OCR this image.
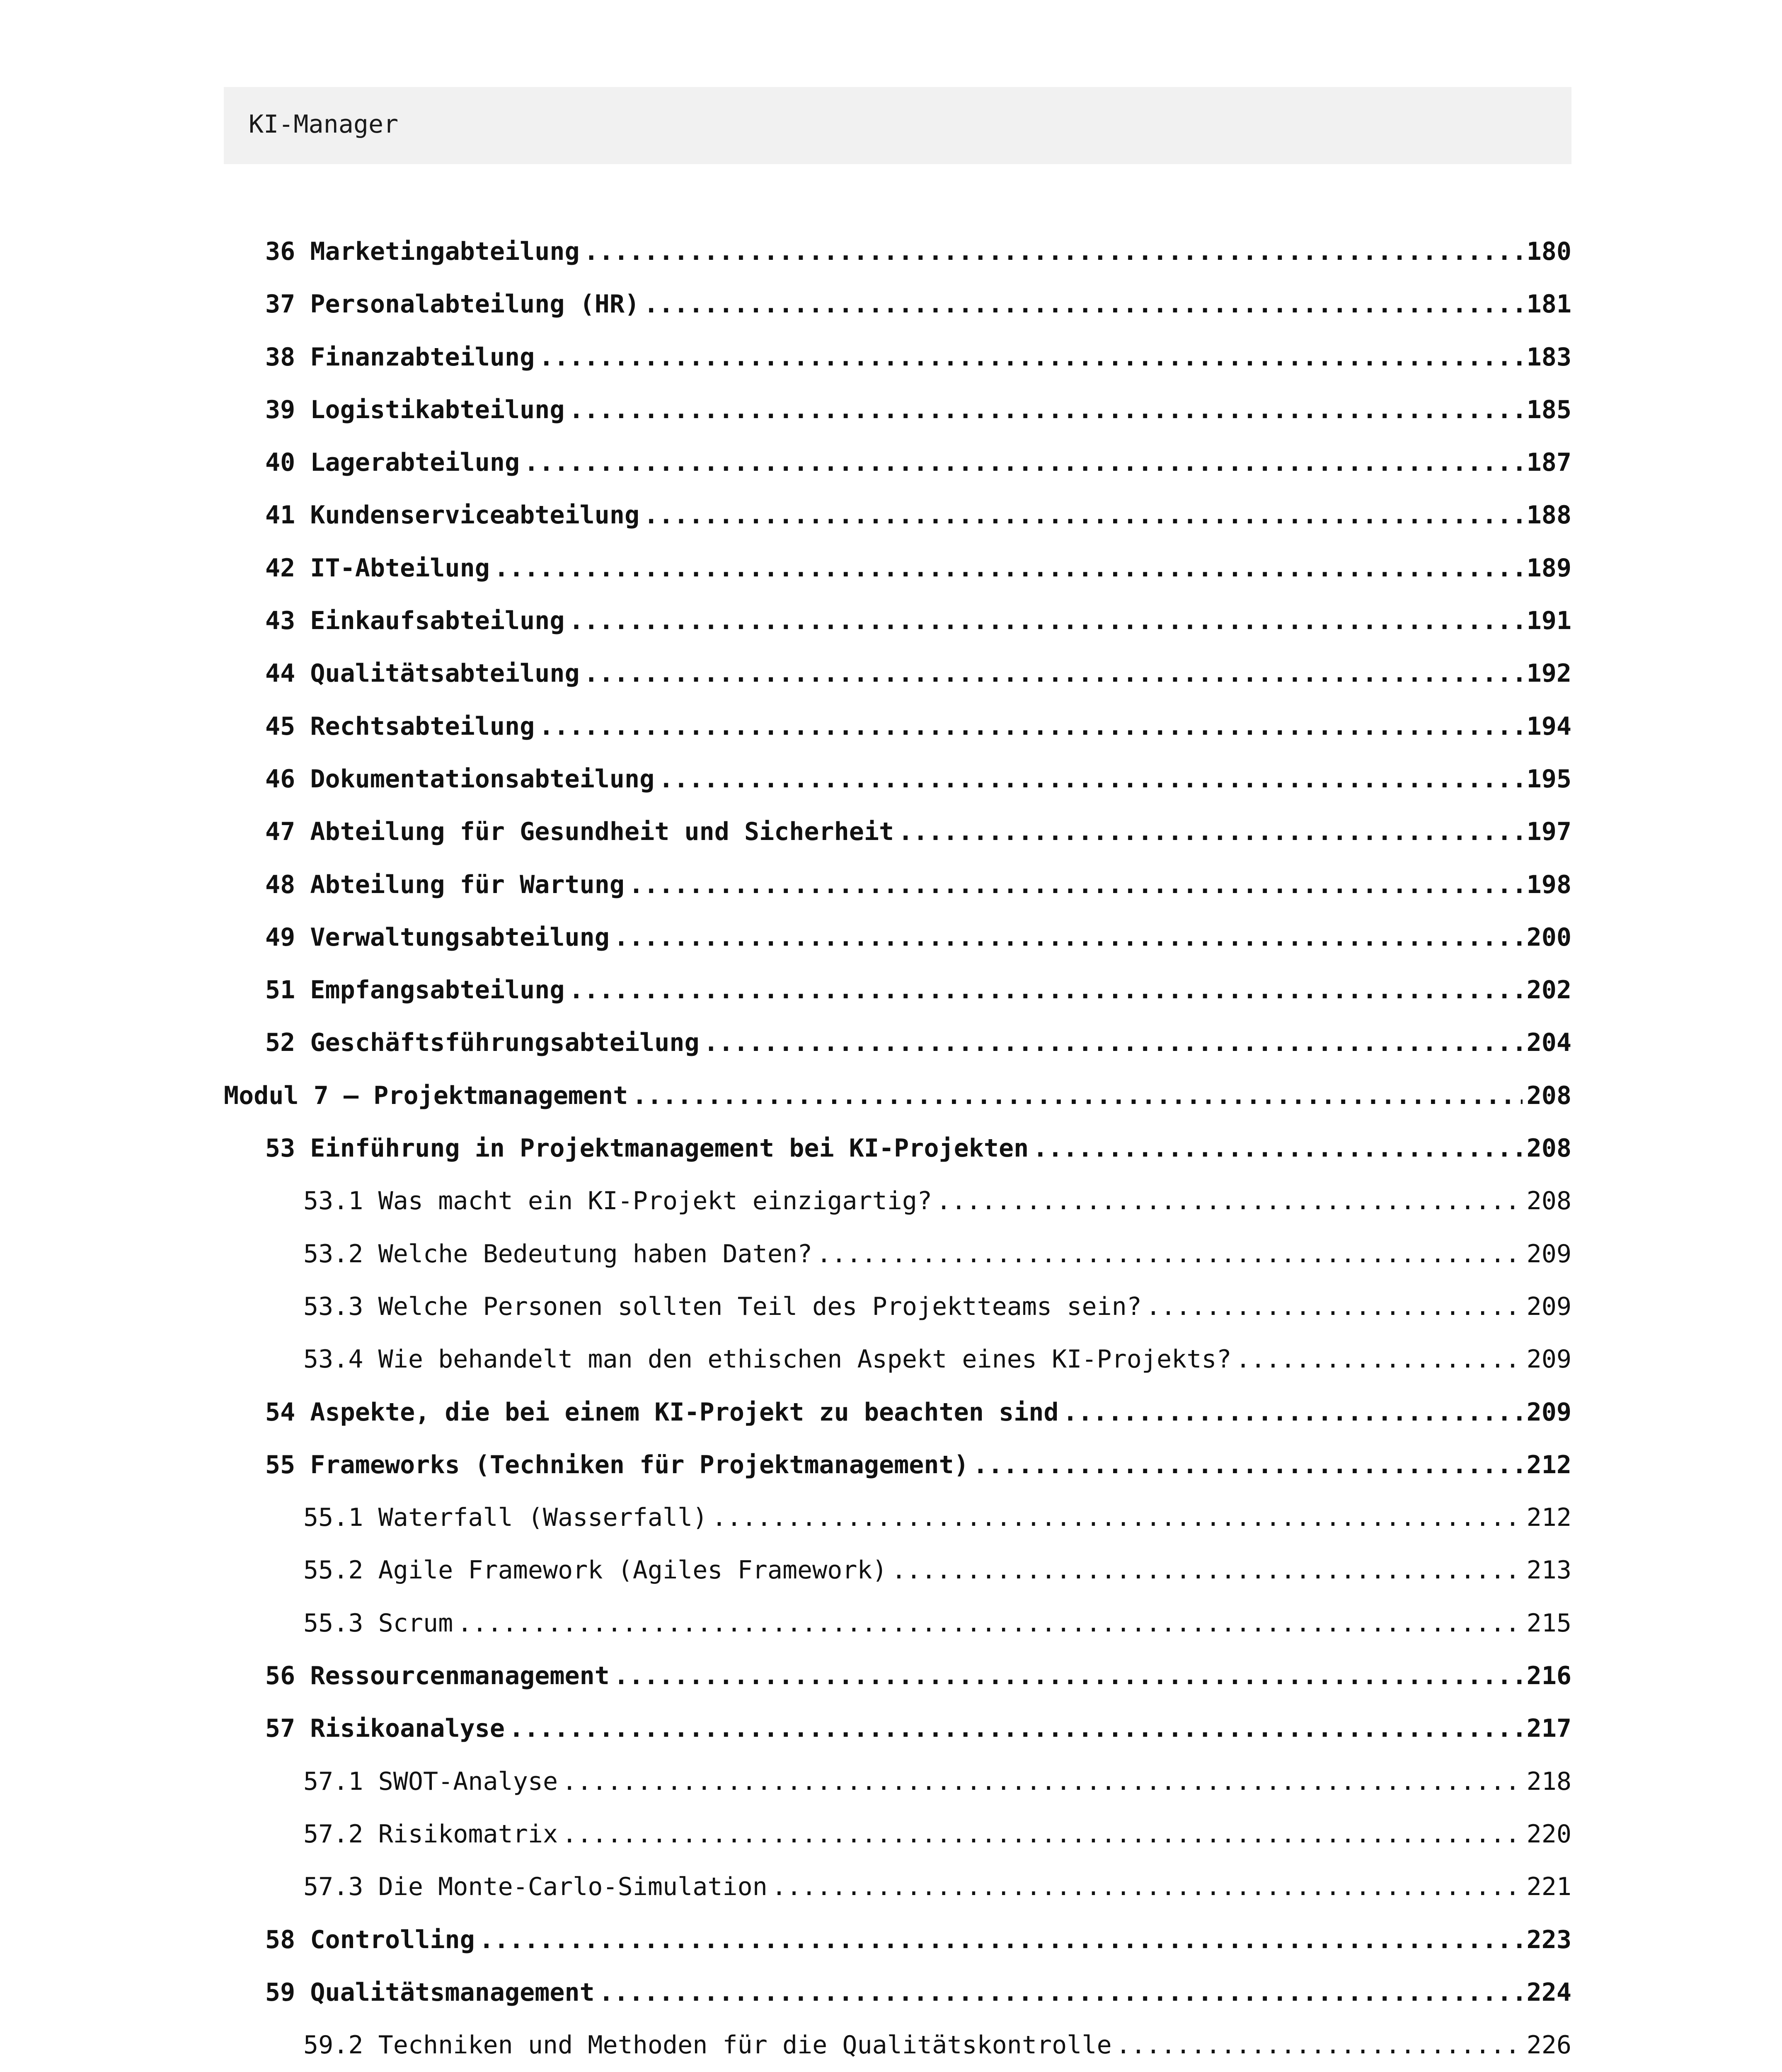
KI-Manager
36 Marketingabteilung .....	180
37 Personalabteilung (HR) .....	181
38 Finanzabteilung .....	183
39 Logistikabteilung .....	185
40 Lagerabteilung .....	187
41 Kundenserviceabteilung .....	188
42 IT-Abteilung .....	189
43 Einkaufsabteilung .....	191
44 Qualitätsabteilung .....	192
45 Rechtsabteilung .....	194
46 Dokumentationsabteilung .....	195
47 Abteilung für Gesundheit und Sicherheit .....	197
48 Abteilung für Wartung .....	198
49 Verwaltungsabteilung .....	200
51 Empfangsabteilung .....	202
52 Geschäftsführungsabteilung .....	204
Modul 7 – Projektmanagement .....	208
53 Einführung in Projektmanagement bei KI-Projekten .....	208
53.1 Was macht ein KI-Projekt einzigartig? .....	208
53.2 Welche Bedeutung haben Daten? .....	209
53.3 Welche Personen sollten Teil des Projektteams sein? .....	209
53.4 Wie behandelt man den ethischen Aspekt eines KI-Projekts? .....	209
54 Aspekte, die bei einem KI-Projekt zu beachten sind .....	209
55 Frameworks (Techniken für Projektmanagement) .....	212
55.1 Waterfall (Wasserfall) .....	212
55.2 Agile Framework (Agiles Framework) .....	213
55.3 Scrum .....	215
56 Ressourcenmanagement .....	216
57 Risikoanalyse .....	217
57.1 SWOT-Analyse .....	218
57.2 Risikomatrix .....	220
57.3 Die Monte-Carlo-Simulation .....	221
58 Controlling .....	223
59 Qualitätsmanagement .....	224
59.2 Techniken und Methoden für die Qualitätskontrolle .....	226
.....
